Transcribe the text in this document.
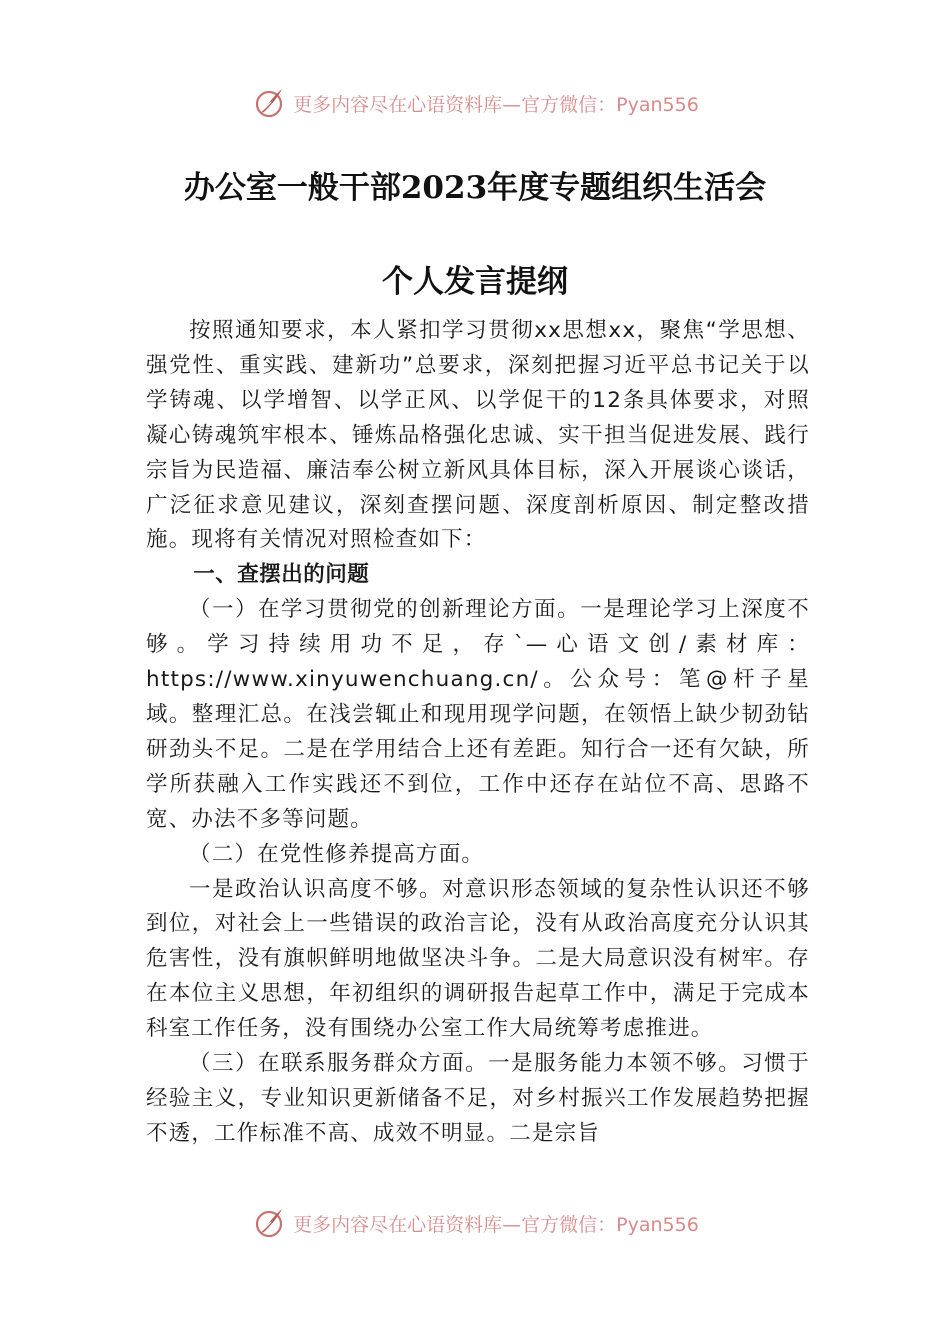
更多内容尽在心语资料库—官方微信：Pyan556
办公室一般干部2023年度专题组织生活会
个人发言提纲

按照通知要求，本人紧扣学习贯彻xx思想xx，聚焦“学思想、强党性、重实践、建新功”总要求，深刻把握习近平总书记关于以学铸魂、以学增智、以学正风、以学促干的12条具体要求，对照凝心铸魂筑牢根本、锤炼品格强化忠诚、实干担当促进发展、践行宗旨为民造福、廉洁奉公树立新风具体目标，深入开展谈心谈话，广泛征求意见建议，深刻查摆问题、深度剖析原因、制定整改措施。现将有关情况对照检查如下：

一、查摆出的问题

（一）在学习贯彻党的创新理论方面。一是理论学习上深度不够。学习持续用功不足，存`—心语文创/素材库：https://www.xinyuwenchuang.cn/。公众号：笔@杆子星域。整理汇总。在浅尝辄止和现用现学问题，在领悟上缺少韧劲钻研劲头不足。二是在学用结合上还有差距。知行合一还有欠缺，所学所获融入工作实践还不到位，工作中还存在站位不高、思路不宽、办法不多等问题。

（二）在党性修养提高方面。

一是政治认识高度不够。对意识形态领域的复杂性认识还不够到位，对社会上一些错误的政治言论，没有从政治高度充分认识其危害性，没有旗帜鲜明地做坚决斗争。二是大局意识没有树牢。存在本位主义思想，年初组织的调研报告起草工作中，满足于完成本科室工作任务，没有围绕办公室工作大局统筹考虑推进。

（三）在联系服务群众方面。一是服务能力本领不够。习惯于经验主义，专业知识更新储备不足，对乡村振兴工作发展趋势把握不透，工作标准不高、成效不明显。二是宗旨

更多内容尽在心语资料库—官方微信：Pyan556
